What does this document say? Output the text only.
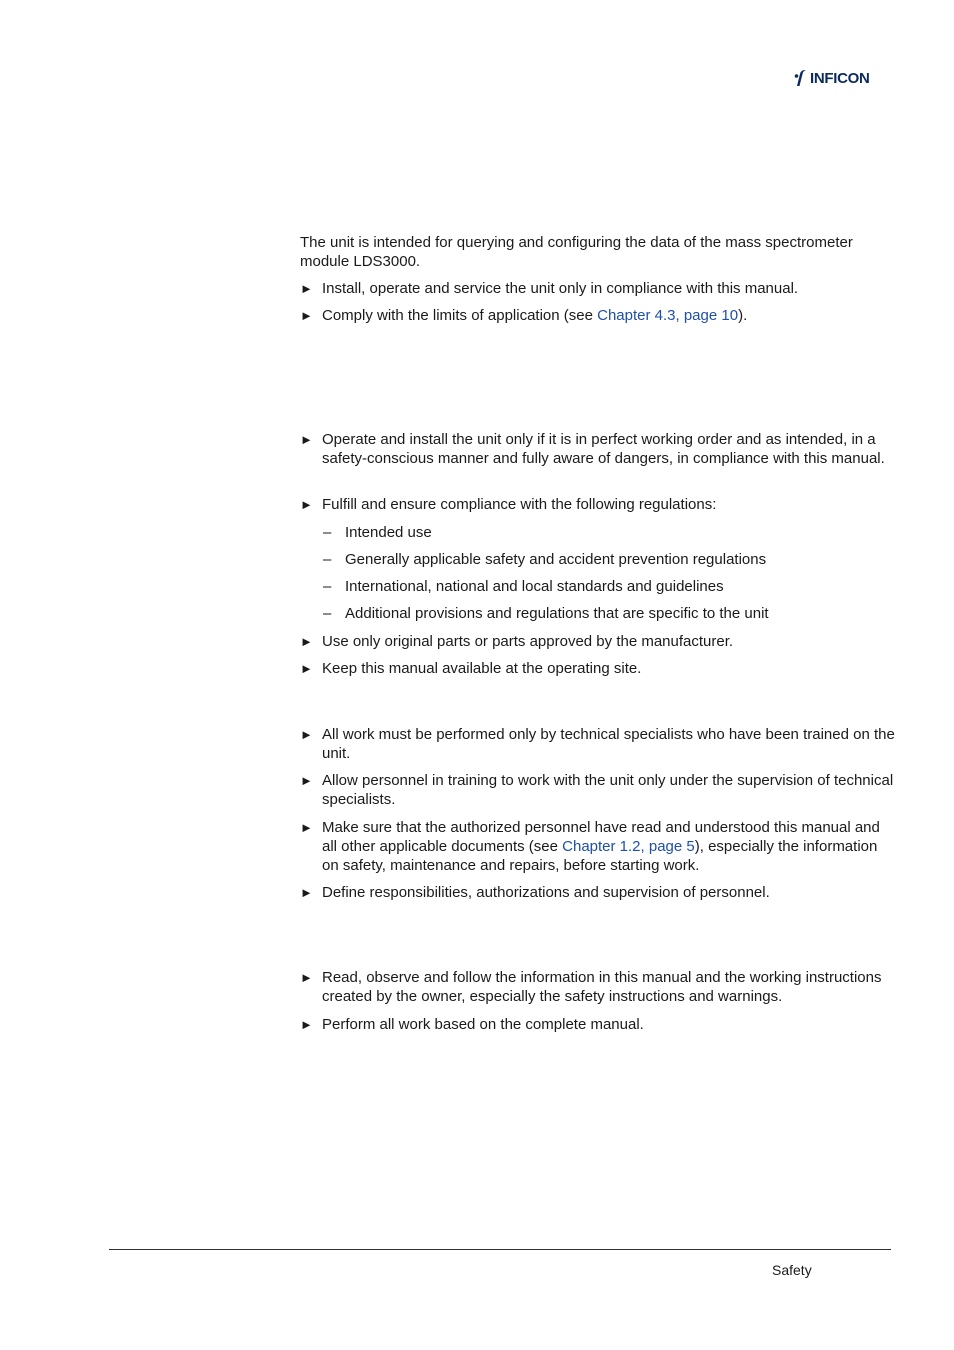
INFICON

The unit is intended for querying and configuring the data of the mass spectrometer module LDS3000.

► Install, operate and service the unit only in compliance with this manual.
► Comply with the limits of application (see Chapter 4.3, page 10).
► Operate and install the unit only if it is in perfect working order and as intended, in a safety-conscious manner and fully aware of dangers, in compliance with this manual.
► Fulfill and ensure compliance with the following regulations:
– Intended use
– Generally applicable safety and accident prevention regulations
– International, national and local standards and guidelines
– Additional provisions and regulations that are specific to the unit
► Use only original parts or parts approved by the manufacturer.
► Keep this manual available at the operating site.
► All work must be performed only by technical specialists who have been trained on the unit.
► Allow personnel in training to work with the unit only under the supervision of technical specialists.
► Make sure that the authorized personnel have read and understood this manual and all other applicable documents (see Chapter 1.2, page 5), especially the information on safety, maintenance and repairs, before starting work.
► Define responsibilities, authorizations and supervision of personnel.
► Read, observe and follow the information in this manual and the working instructions created by the owner, especially the safety instructions and warnings.
► Perform all work based on the complete manual.
Safety
